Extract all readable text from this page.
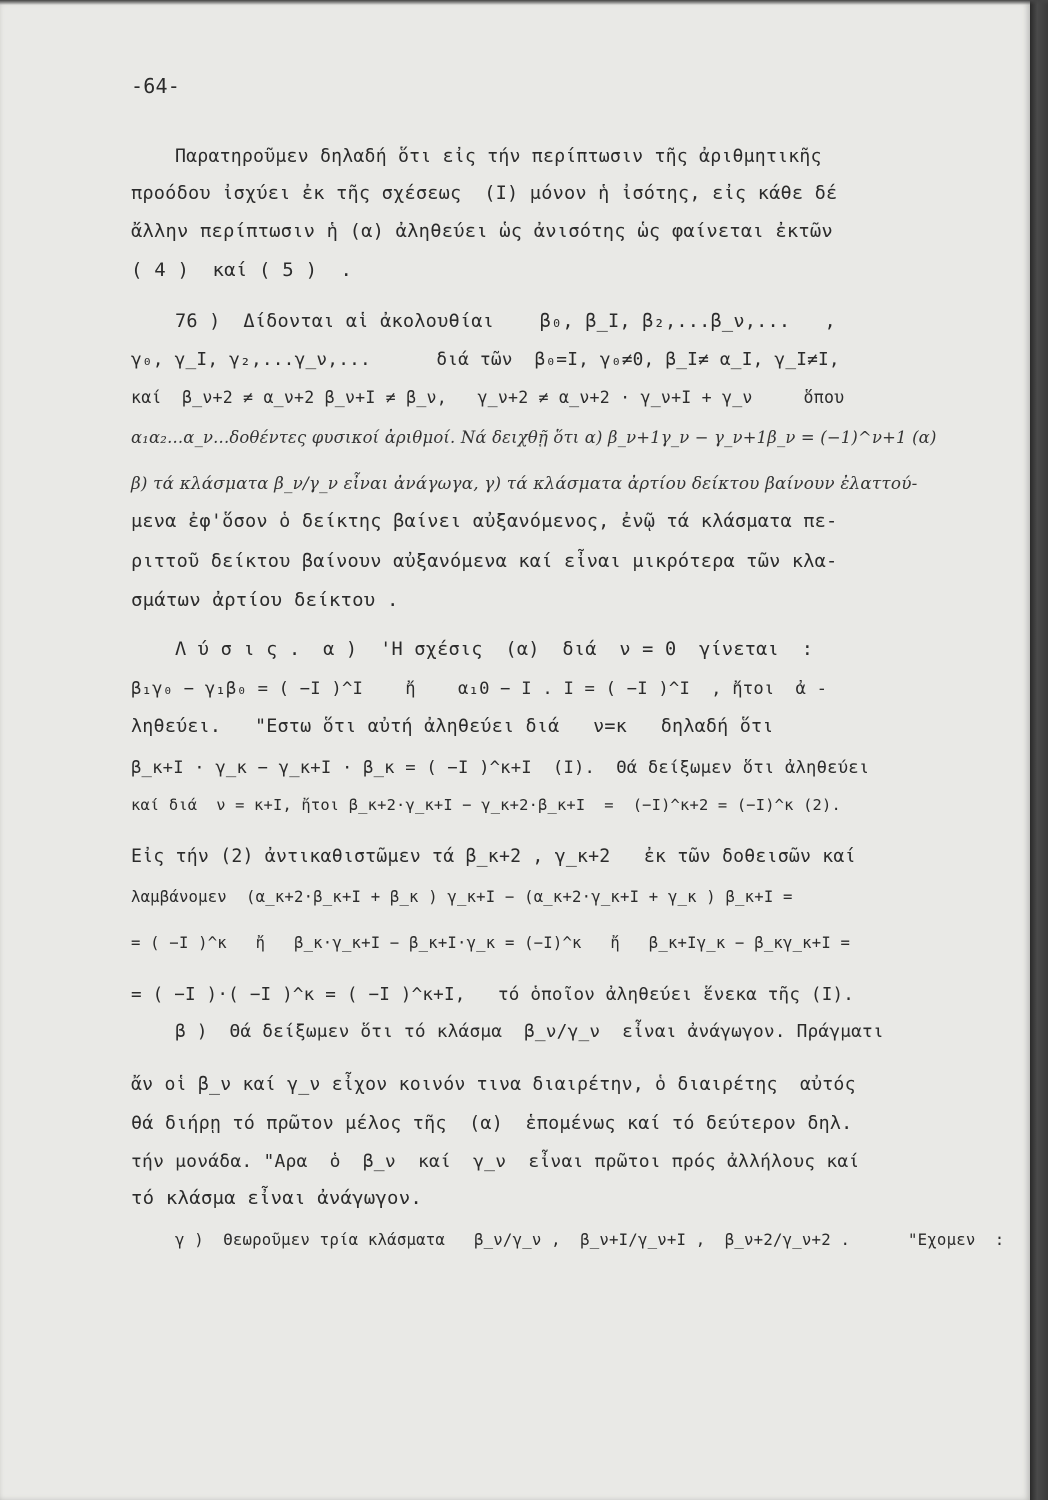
-64-
Παρατηροῦμεν δηλαδή ὅτι εἰς τήν περίπτωσιν τῆς ἀριθμητικῆς
προόδου ἰσχύει ἐκ τῆς σχέσεως  (I) μόνον ἡ ἰσότης, εἰς κάθε δέ
ἄλλην περίπτωσιν ἡ (α) ἀληθεύει ὡς ἀνισότης ὡς φαίνεται ἐκτῶν
( 4 )  καί ( 5 )  .
76 )  Δίδονται αἱ ἀκολουθίαι    β₀, β_I, β₂,...β_ν,...   ,
γ₀, γ_I, γ₂,...γ_ν,...      διά τῶν  β₀=I, γ₀≠0, β_I≠ α_I, γ_I≠I,
καί  β_ν+2 ≠ α_ν+2 β_ν+I ≠ β_ν,   γ_ν+2 ≠ α_ν+2 · γ_ν+I + γ_ν     ὅπου
α₁α₂...α_ν...δοθέντες φυσικοί ἀριθμοί. Νά δειχθῇ ὅτι α) β_ν+1γ_ν − γ_ν+1β_ν = (−1)^ν+1 (α)
β) τά κλάσματα β_ν/γ_ν εἶναι ἀνάγωγα, γ) τά κλάσματα ἀρτίου δείκτου βαίνουν ἐλαττού-
μενα ἐφ'ὅσον ὁ δείκτης βαίνει αὐξανόμενος, ἐνῷ τά κλάσματα πε-
ριττοῦ δείκτου βαίνουν αὐξανόμενα καί εἶναι μικρότερα τῶν κλα-
σμάτων ἀρτίου δείκτου .
Λ ύ σ ι ς .  α )  'Η σχέσις  (α)  διά  ν = 0  γίνεται  :
β₁γ₀ − γ₁β₀ = ( −I )^I    ἤ    α₁0 − I . I = ( −I )^I  , ἤτοι  ἀ -
ληθεύει.   "Εστω ὅτι αὐτή ἀληθεύει διά   ν=κ   δηλαδή ὅτι
β_κ+I · γ_κ − γ_κ+I · β_κ = ( −I )^κ+I  (I).  Θά δείξωμεν ὅτι ἀληθεύει
καί διά  ν = κ+I, ἤτοι β_κ+2·γ_κ+I − γ_κ+2·β_κ+I  =  (−I)^κ+2 = (−I)^κ (2).
Εἰς τήν (2) ἀντικαθιστῶμεν τά β_κ+2 , γ_κ+2   ἐκ τῶν δοθεισῶν καί
λαμβάνομεν  (α_κ+2·β_κ+I + β_κ ) γ_κ+I − (α_κ+2·γ_κ+I + γ_κ ) β_κ+I =
= ( −I )^κ   ἤ   β_κ·γ_κ+I − β_κ+I·γ_κ = (−I)^κ   ἤ   β_κ+Iγ_κ − β_κγ_κ+I =
= ( −I )·( −I )^κ = ( −I )^κ+I,   τό ὁποῖον ἀληθεύει ἕνεκα τῆς (I).
β )  Θά δείξωμεν ὅτι τό κλάσμα  β_ν/γ_ν  εἶναι ἀνάγωγον. Πράγματι
ἄν οἱ β_ν καί γ_ν εἶχον κοινόν τινα διαιρέτην, ὁ διαιρέτης  αὐτός
θά διήρῃ τό πρῶτον μέλος τῆς  (α)  ἑπομένως καί τό δεύτερον δηλ.
τήν μονάδα. "Αρα  ὁ  β_ν  καί  γ_ν  εἶναι πρῶτοι πρός ἀλλήλους καί
τό κλάσμα εἶναι ἀνάγωγον.
γ )  Θεωροῦμεν τρία κλάσματα   β_ν/γ_ν ,  β_ν+I/γ_ν+I ,  β_ν+2/γ_ν+2 .      "Εχομεν  :
